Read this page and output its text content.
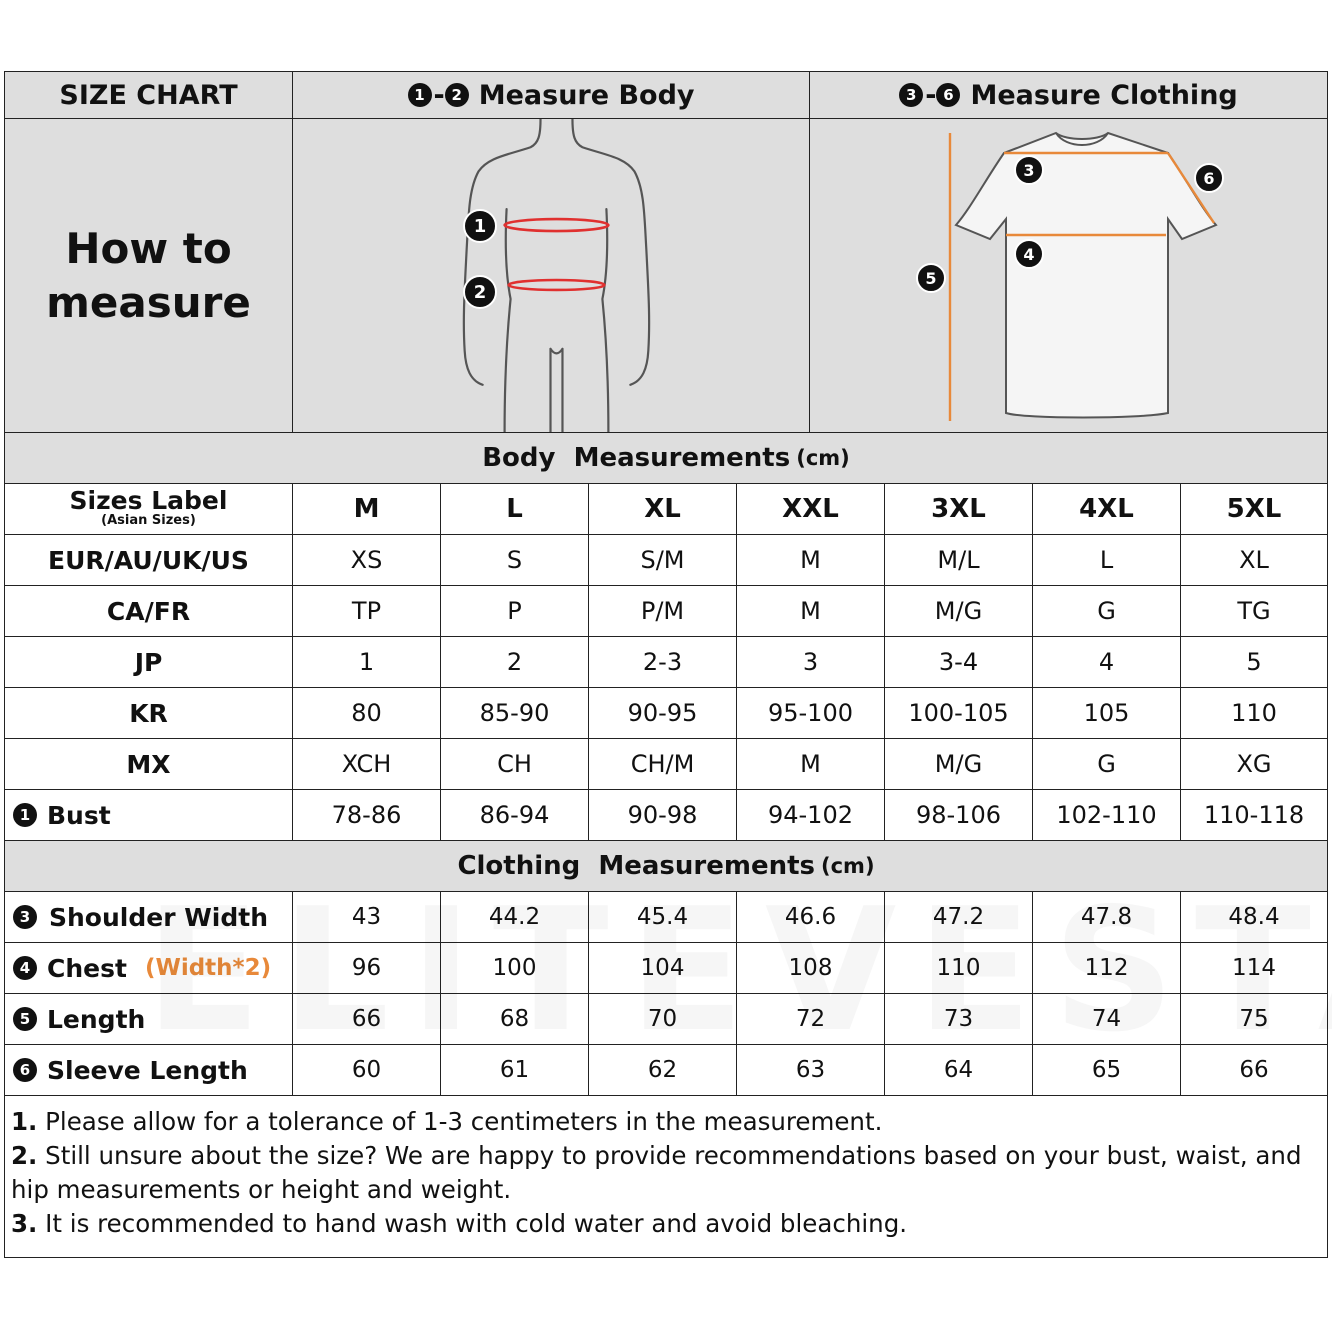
SIZE CHART	1 - 2 Measure Body	3 - 6 Measure Clothing
How to
measure
1
2
3	6
4
5
Body  Measurements (cm)
Sizes Label
(Asian Sizes)	M	L	XL	XXL	3XL	4XL	5XL
EUR/AU/UK/US	XS	S	S/M	M	M/L	L	XL
CA/FR	TP	P	P/M	M	M/G	G	TG
JP	1	2	2-3	3	3-4	4	5
KR	80	85-90	90-95	95-100	100-105	105	110
MX	XCH	CH	CH/M	M	M/G	G	XG
1 Bust	78-86	86-94	90-98	94-102	98-106	102-110	110-118
Clothing  Measurements (cm)
3 Shoulder Width	43	44.2	45.4	46.6	47.2	47.8	48.4
4 Chest (Width*2)	96	100	104	108	110	112	114
5 Length	66	68	70	72	73	74	75
6 Sleeve Length	60	61	62	63	64	65	66
1. Please allow for a tolerance of 1-3 centimeters in the measurement.
2. Still unsure about the size? We are happy to provide recommendations based on your bust, waist, and hip measurements or height and weight.
3. It is recommended to hand wash with cold water and avoid bleaching.
